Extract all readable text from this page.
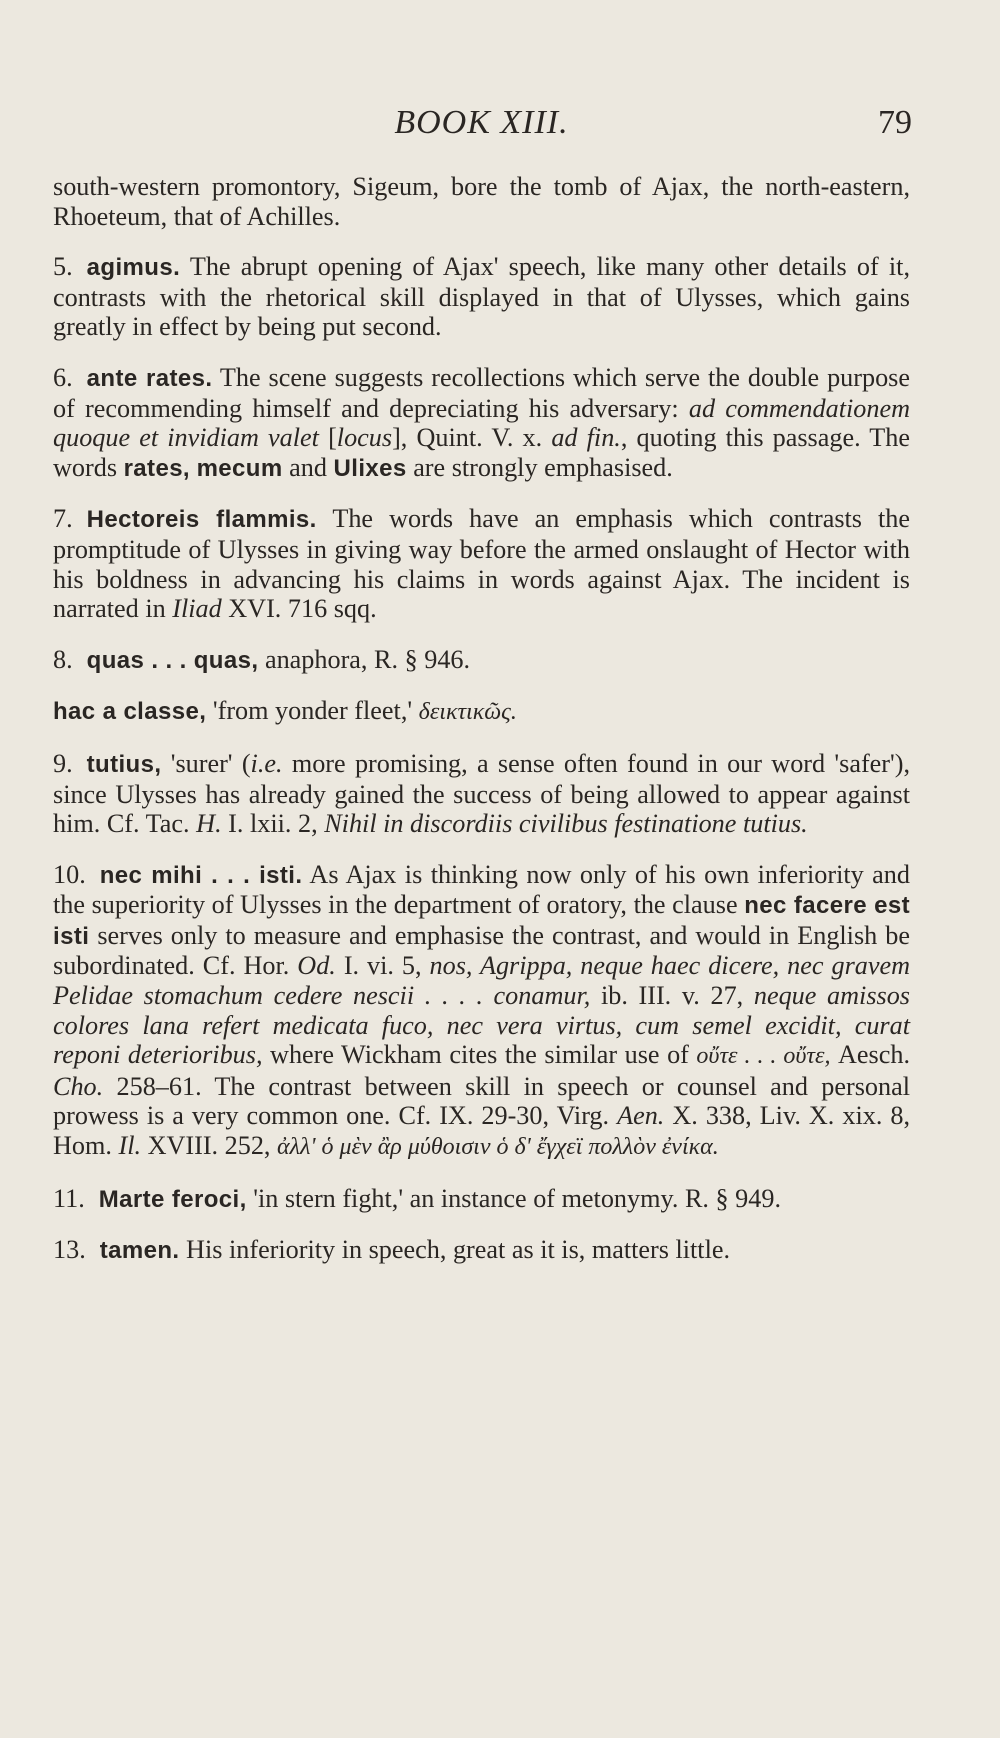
BOOK XIII.	79

south-western promontory, Sigeum, bore the tomb of Ajax, the north-eastern, Rhoeteum, that of Achilles.

5. agimus. The abrupt opening of Ajax' speech, like many other details of it, contrasts with the rhetorical skill displayed in that of Ulysses, which gains greatly in effect by being put second.

6. ante rates. The scene suggests recollections which serve the double purpose of recommending himself and depreciating his adversary: ad commendationem quoque et invidiam valet [locus], Quint. V. x. ad fin., quoting this passage. The words rates, mecum and Ulixes are strongly emphasised.

7. Hectoreis flammis. The words have an emphasis which contrasts the promptitude of Ulysses in giving way before the armed onslaught of Hector with his boldness in advancing his claims in words against Ajax. The incident is narrated in Iliad XVI. 716 sqq.

8. quas . . . quas, anaphora, R. § 946.

hac a classe, 'from yonder fleet,' δεικτικῶς.

9. tutius, 'surer' (i.e. more promising, a sense often found in our word 'safer'), since Ulysses has already gained the success of being allowed to appear against him. Cf. Tac. H. I. lxii. 2, Nihil in discordiis civilibus festinatione tutius.

10. nec mihi . . . isti. As Ajax is thinking now only of his own inferiority and the superiority of Ulysses in the department of oratory, the clause nec facere est isti serves only to measure and emphasise the contrast, and would in English be subordinated. Cf. Hor. Od. I. vi. 5, nos, Agrippa, neque haec dicere, nec gravem Pelidae stomachum cedere nescii . . . . conamur, ib. III. v. 27, neque amissos colores lana refert medicata fuco, nec vera virtus, cum semel excidit, curat reponi deterioribus, where Wickham cites the similar use of οὔτε . . . οὔτε, Aesch. Cho. 258–61. The contrast between skill in speech or counsel and personal prowess is a very common one. Cf. IX. 29-30, Virg. Aen. X. 338, Liv. X. xix. 8, Hom. Il. XVIII. 252, ἀλλ' ὁ μὲν ἂρ μύθοισιν ὁ δ' ἔγχεϊ πολλὸν ἐνίκα.

11. Marte feroci, 'in stern fight,' an instance of metonymy. R. § 949.

13. tamen. His inferiority in speech, great as it is, matters little.
